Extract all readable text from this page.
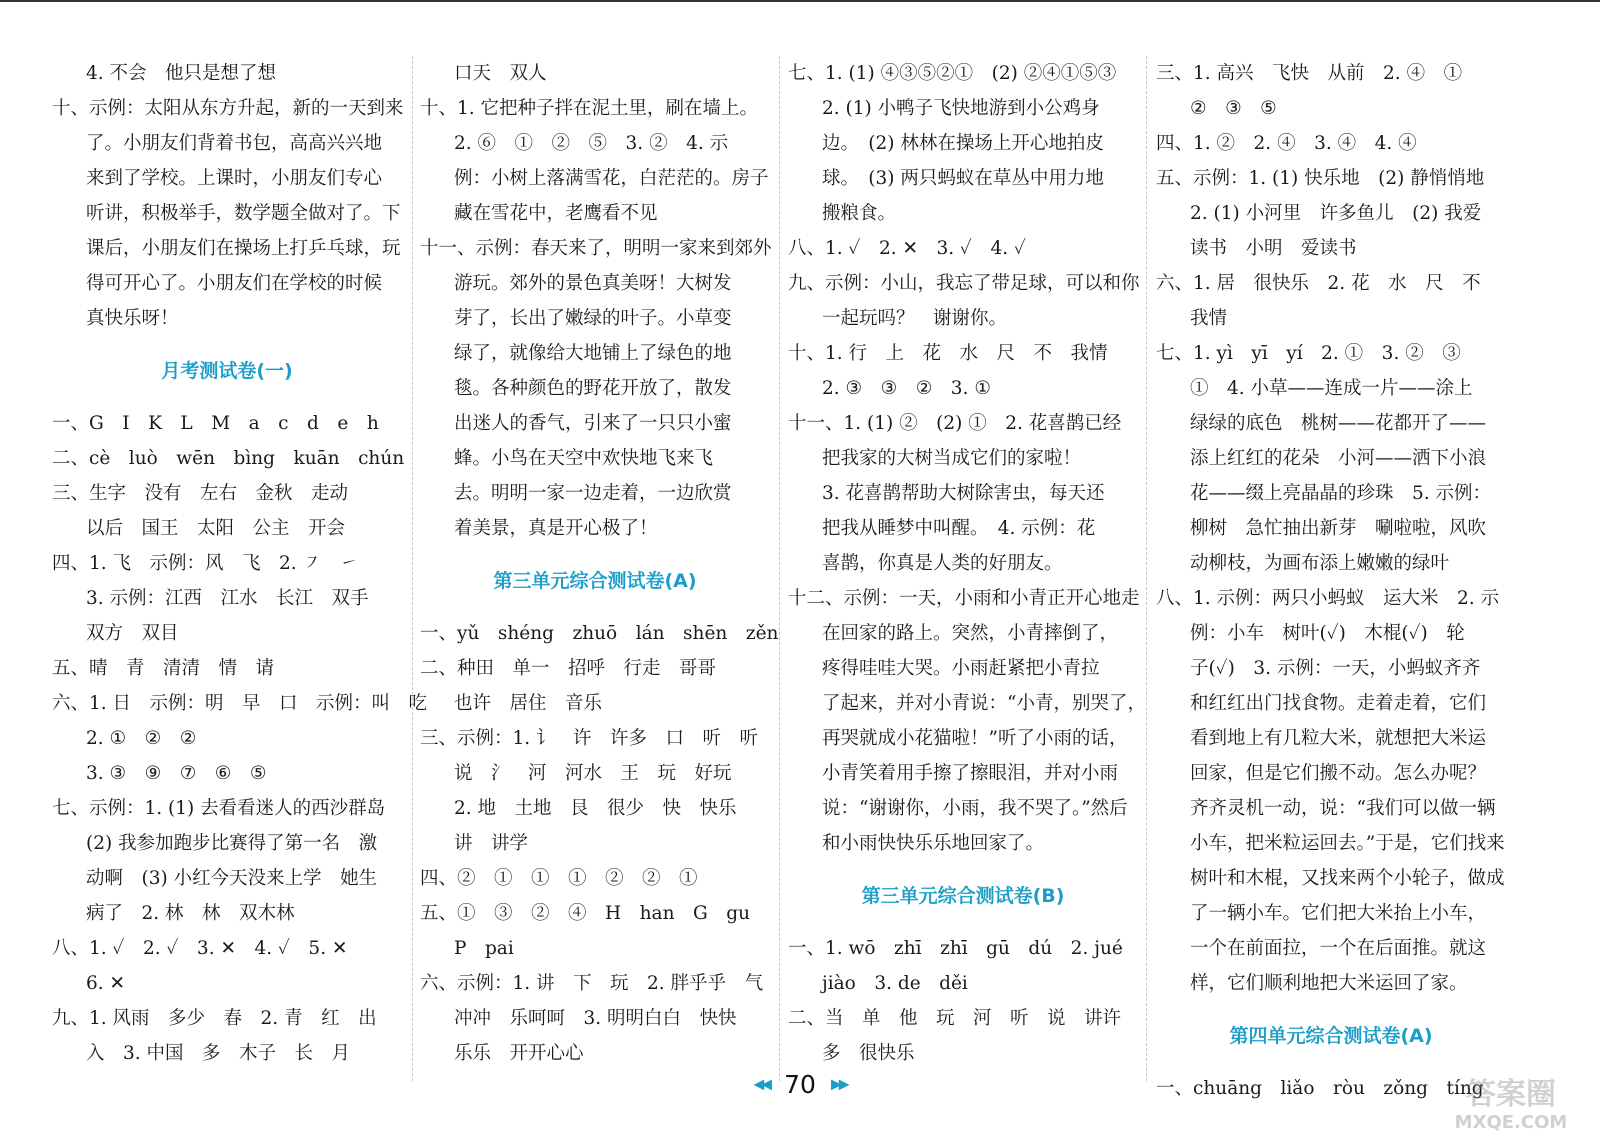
4. 不会　他只是想了想
十、示例：太阳从东方升起，新的一天到来
了。小朋友们背着书包，高高兴兴地
来到了学校。上课时，小朋友们专心
听讲，积极举手，数学题全做对了。下
课后，小朋友们在操场上打乒乓球，玩
得可开心了。小朋友们在学校的时候
真快乐呀！
月考测试卷(一)
一、G　I　K　L　M　a　c　d　e　h
二、cè　luò　wēn　bìng　kuān　chún
三、生字　没有　左右　金秋　走动
以后　国王　太阳　公主　开会
四、1. 飞　示例：风　飞　2. ㇇　㇀
3. 示例：江西　江水　长江　双手
双方　双目
五、晴　青　清清　情　请
六、1. 日　示例：明　早　口　示例：叫　吃
2. ①　②　②
3. ③　⑨　⑦　⑥　⑤
七、示例：1. (1) 去看看迷人的西沙群岛
(2) 我参加跑步比赛得了第一名　激
动啊　(3) 小红今天没来上学　她生
病了　2. 林　林　双木林
八、1. ✓　2. ✓　3. ✕　4. ✓　5. ✕
6. ✕
九、1. 风雨　多少　春　2. 青　红　出
入　3. 中国　多　木子　长　月
口天　双人
十、1. 它把种子拌在泥土里，刷在墙上。
2. ⑥　①　②　⑤　3. ②　4. 示
例：小树上落满雪花，白茫茫的。房子
藏在雪花中，老鹰看不见
十一、示例：春天来了，明明一家来到郊外
游玩。郊外的景色真美呀！大树发
芽了，长出了嫩绿的叶子。小草变
绿了，就像给大地铺上了绿色的地
毯。各种颜色的野花开放了，散发
出迷人的香气，引来了一只只小蜜
蜂。小鸟在天空中欢快地飞来飞
去。明明一家一边走着，一边欣赏
着美景，真是开心极了！
第三单元综合测试卷(A)
一、yǔ　shéng　zhuō　lán　shēn　zěn
二、种田　单一　招呼　行走　哥哥
也许　居住　音乐
三、示例：1. 讠　许　许多　口　听　听
说　氵　河　河水　王　玩　好玩
2. 地　土地　艮　很少　快　快乐
讲　讲学
四、②　①　①　①　②　②　①
五、①　③　②　④　H　han　G　gu
P　pai
六、示例：1. 讲　下　玩　2. 胖乎乎　气
冲冲　乐呵呵　3. 明明白白　快快
乐乐　开开心心
七、1. (1) ④③⑤②①　(2) ②④①⑤③
2. (1) 小鸭子飞快地游到小公鸡身
边。　(2) 林林在操场上开心地拍皮
球。　(3) 两只蚂蚁在草丛中用力地
搬粮食。
八、1. ✓　2. ✕　3. ✓　4. ✓
九、示例：小山，我忘了带足球，可以和你
一起玩吗？　谢谢你。
十、1. 行　上　花　水　尺　不　我情
2. ③　③　②　3. ①
十一、1. (1) ②　(2) ①　2. 花喜鹊已经
把我家的大树当成它们的家啦！
3. 花喜鹊帮助大树除害虫，每天还
把我从睡梦中叫醒。　4. 示例：花
喜鹊，你真是人类的好朋友。
十二、示例：一天，小雨和小青正开心地走
在回家的路上。突然，小青摔倒了，
疼得哇哇大哭。小雨赶紧把小青拉
了起来，并对小青说：“小青，别哭了，
再哭就成小花猫啦！”听了小雨的话，
小青笑着用手擦了擦眼泪，并对小雨
说：“谢谢你，小雨，我不哭了。”然后
和小雨快快乐乐地回家了。
第三单元综合测试卷(B)
一、1. wō　zhī　zhī　gū　dú　2. jué
jiào　3. de　děi
二、当　单　他　玩　河　听　说　讲许
多　很快乐
三、1. 高兴　飞快　从前　2. ④　①
②　③　⑤
四、1. ②　2. ④　3. ④　4. ④
五、示例：1. (1) 快乐地　(2) 静悄悄地
2. (1) 小河里　许多鱼儿　(2) 我爱
读书　小明　爱读书
六、1. 居　很快乐　2. 花　水　尺　不
我情
七、1. yì　yī　yí　2. ①　3. ②　③
①　4. 小草——连成一片——涂上
绿绿的底色　桃树——花都开了——
添上红红的花朵　小河——洒下小浪
花——缀上亮晶晶的珍珠　5. 示例：
柳树　急忙抽出新芽　唰啦啦，风吹
动柳枝，为画布添上嫩嫩的绿叶
八、1. 示例：两只小蚂蚁　运大米　2. 示
例：小车　树叶(✓)　木棍(✓)　轮
子(✓)　3. 示例：一天，小蚂蚁齐齐
和红红出门找食物。走着走着，它们
看到地上有几粒大米，就想把大米运
回家，但是它们搬不动。怎么办呢？
齐齐灵机一动，说：“我们可以做一辆
小车，把米粒运回去。”于是，它们找来
树叶和木棍，又找来两个小轮子，做成
了一辆小车。它们把大米抬上小车，
一个在前面拉，一个在后面推。就这
样，它们顺利地把大米运回了家。
第四单元综合测试卷(A)
一、chuāng　liǎo　ròu　zǒng　tíng
◀◀ 70 ▶▶	答案圈
MXQE.COM
